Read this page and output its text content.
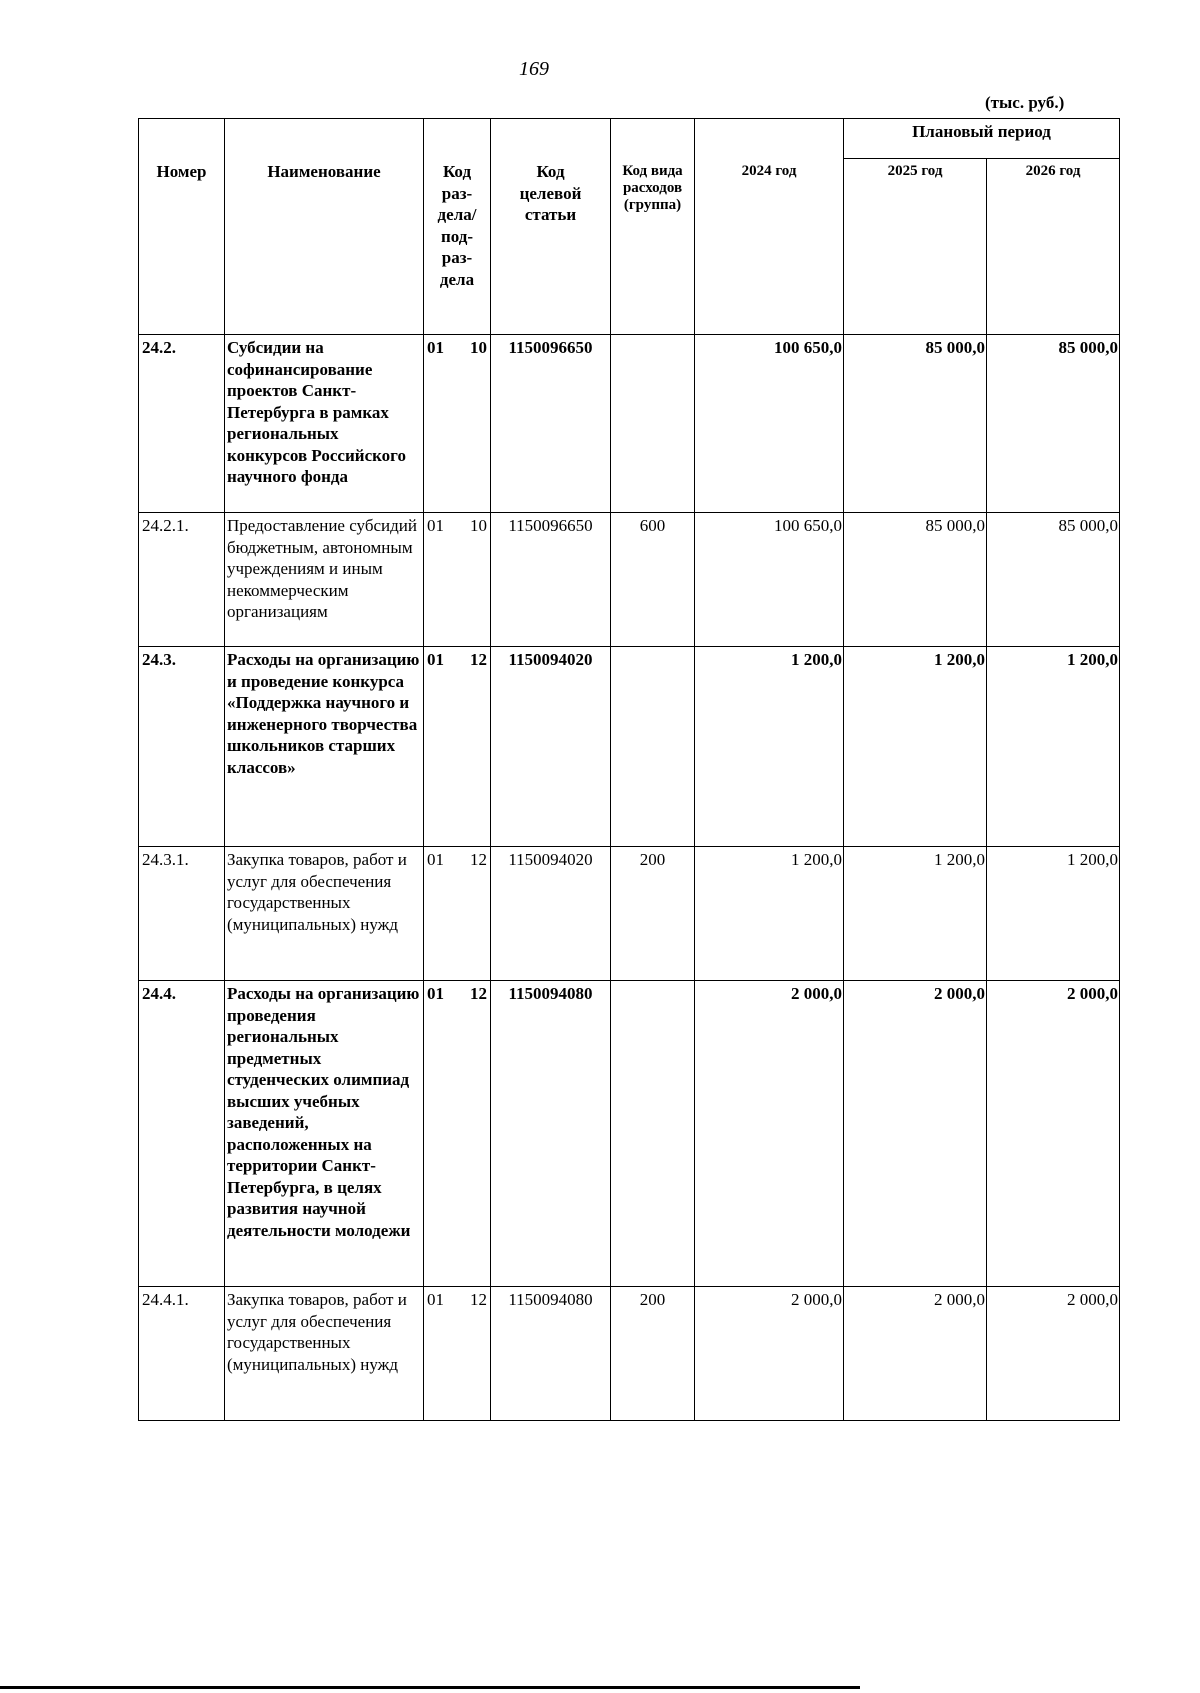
169
(тыс. руб.)
Номер	Наименование	Код раз-дела/ под-раз-дела	Код целевой статьи	Код вида расходов (группа)	2024 год	Плановый период	
						2025 год	2026 год
24.2.	Субсидии на софинансирование проектов Санкт-Петербурга в рамках региональных конкурсов Российского научного фонда	01 10	1150096650		100 650,0	85 000,0	85 000,0
24.2.1.	Предоставление субсидий бюджетным, автономным учреждениям и иным некоммерческим организациям	01 10	1150096650	600	100 650,0	85 000,0	85 000,0
24.3.	Расходы на организацию и проведение конкурса «Поддержка научного и инженерного творчества школьников старших классов»	01 12	1150094020		1 200,0	1 200,0	1 200,0
24.3.1.	Закупка товаров, работ и услуг для обеспечения государственных (муниципальных) нужд	01 12	1150094020	200	1 200,0	1 200,0	1 200,0
24.4.	Расходы на организацию проведения региональных предметных студенческих олимпиад высших учебных заведений, расположенных на территории Санкт-Петербурга, в целях развития научной деятельности молодежи	01 12	1150094080		2 000,0	2 000,0	2 000,0
24.4.1.	Закупка товаров, работ и услуг для обеспечения государственных (муниципальных) нужд	01 12	1150094080	200	2 000,0	2 000,0	2 000,0
